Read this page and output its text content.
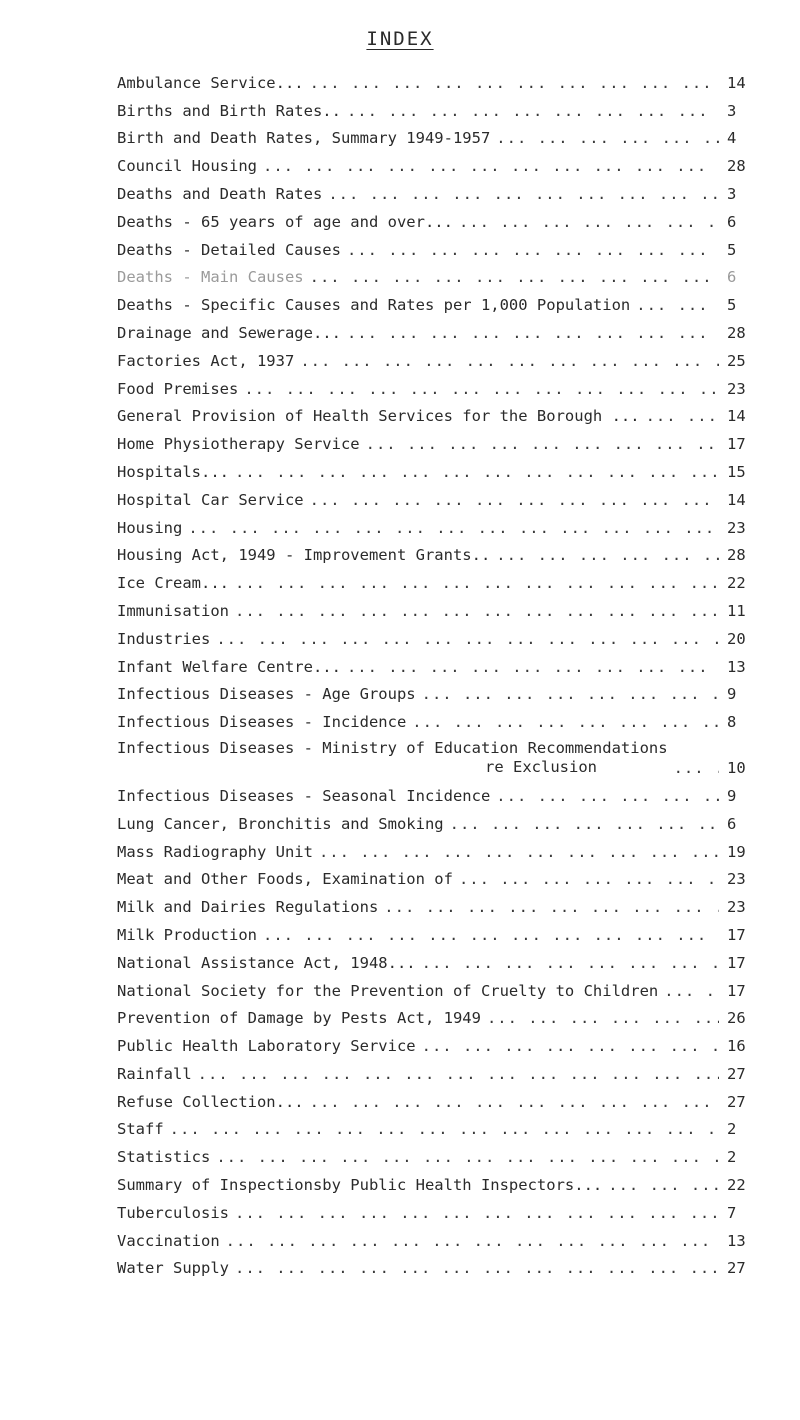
INDEX
Ambulance Service... ... .	14
Births and Birth Rates.. ... .	3
Birth and Death Rates, Summary 1949-1957 ... .	4
Council Housing ... .	28
Deaths and Death Rates ... .	3
Deaths - 65 years of age and over... ... .	6
Deaths - Detailed Causes ... .	5
Deaths - Main Causes ... .	6
Deaths - Specific Causes and Rates per 1,000 Population ... .	5
Drainage and Sewerage... ... .	28
Factories Act, 1937 ... .	25
Food Premises ... .	23
General Provision of Health Services for the Borough ... ... .	14
Home Physiotherapy Service ... .	17
Hospitals... ... .	15
Hospital Car Service ... .	14
Housing ... .	23
Housing Act, 1949 - Improvement Grants.. ... .	28
Ice Cream... ... .	22
Immunisation ... .	11
Industries ... .	20
Infant Welfare Centre... ... .	13
Infectious Diseases - Age Groups ... .	9
Infectious Diseases - Incidence ... .	8
Infectious Diseases - Ministry of Education Recommendations
re Exclusion ... .	10
Infectious Diseases - Seasonal Incidence ... .	9
Lung Cancer, Bronchitis and Smoking ... .	6
Mass Radiography Unit ... .	19
Meat and Other Foods, Examination of ... .	23
Milk and Dairies Regulations ... .	23
Milk Production ... .	17
National Assistance Act, 1948... ... .	17
National Society for the Prevention of Cruelty to Children ... .	17
Prevention of Damage by Pests Act, 1949 ... .	26
Public Health Laboratory Service ... .	16
Rainfall ... .	27
Refuse Collection... ... .	27
Staff ... .	2
Statistics ... .	2
Summary of Inspectionsby Public Health Inspectors... ... .	22
Tuberculosis ... .	7
Vaccination ... .	13
Water Supply ... .	27
